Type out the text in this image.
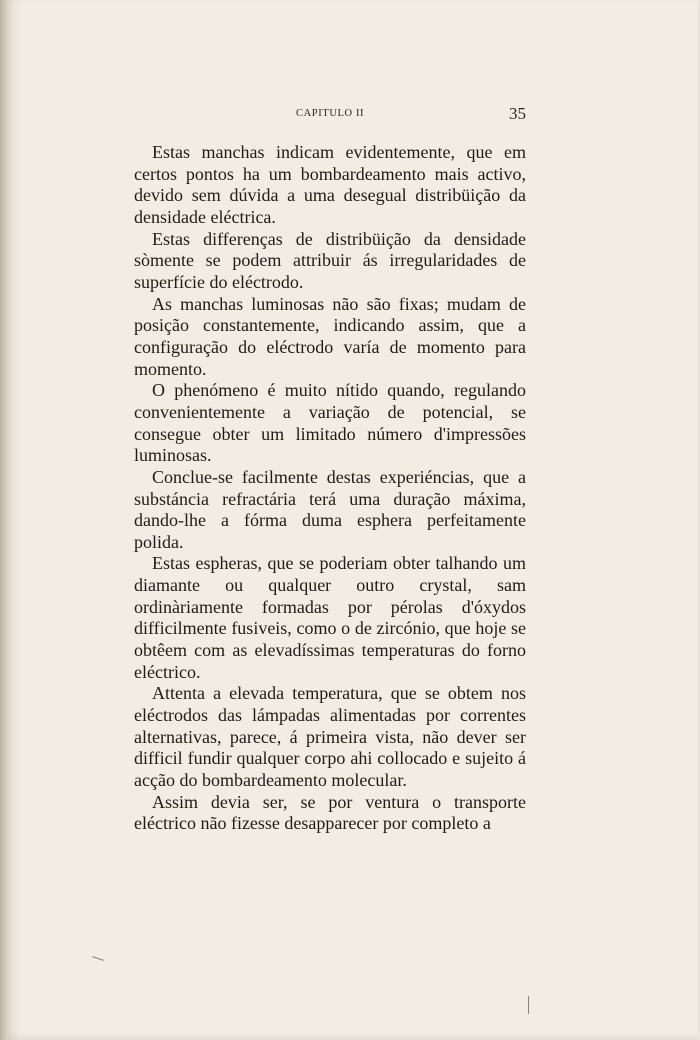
CAPITULO II	35

Estas manchas indicam evidentemente, que em certos pontos ha um bombardeamento mais activo, devido sem dúvida a uma desegual distribüição da densidade eléctrica.

Estas differenças de distribüição da densidade sòmente se podem attribuir ás irregularidades de superfície do eléctrodo.

As manchas luminosas não são fixas; mudam de posição constantemente, indicando assim, que a configuração do eléctrodo varía de momento para momento.

O phenómeno é muito nítido quando, regulando convenientemente a variação de potencial, se consegue obter um limitado número d'impressões luminosas.

Conclue-se facilmente destas experiéncias, que a substáncia refractária terá uma duração máxima, dando-lhe a fórma duma esphera perfeitamente polida.

Estas espheras, que se poderiam obter talhando um diamante ou qualquer outro crystal, sam ordinàriamente formadas por pérolas d'óxydos difficilmente fusiveis, como o de zircónio, que hoje se obtêem com as elevadíssimas temperaturas do forno eléctrico.

Attenta a elevada temperatura, que se obtem nos eléctrodos das lámpadas alimentadas por correntes alternativas, parece, á primeira vista, não dever ser difficil fundir qualquer corpo ahi collocado e sujeito á acção do bombardeamento molecular.

Assim devia ser, se por ventura o transporte eléctrico não fizesse desapparecer por completo a
